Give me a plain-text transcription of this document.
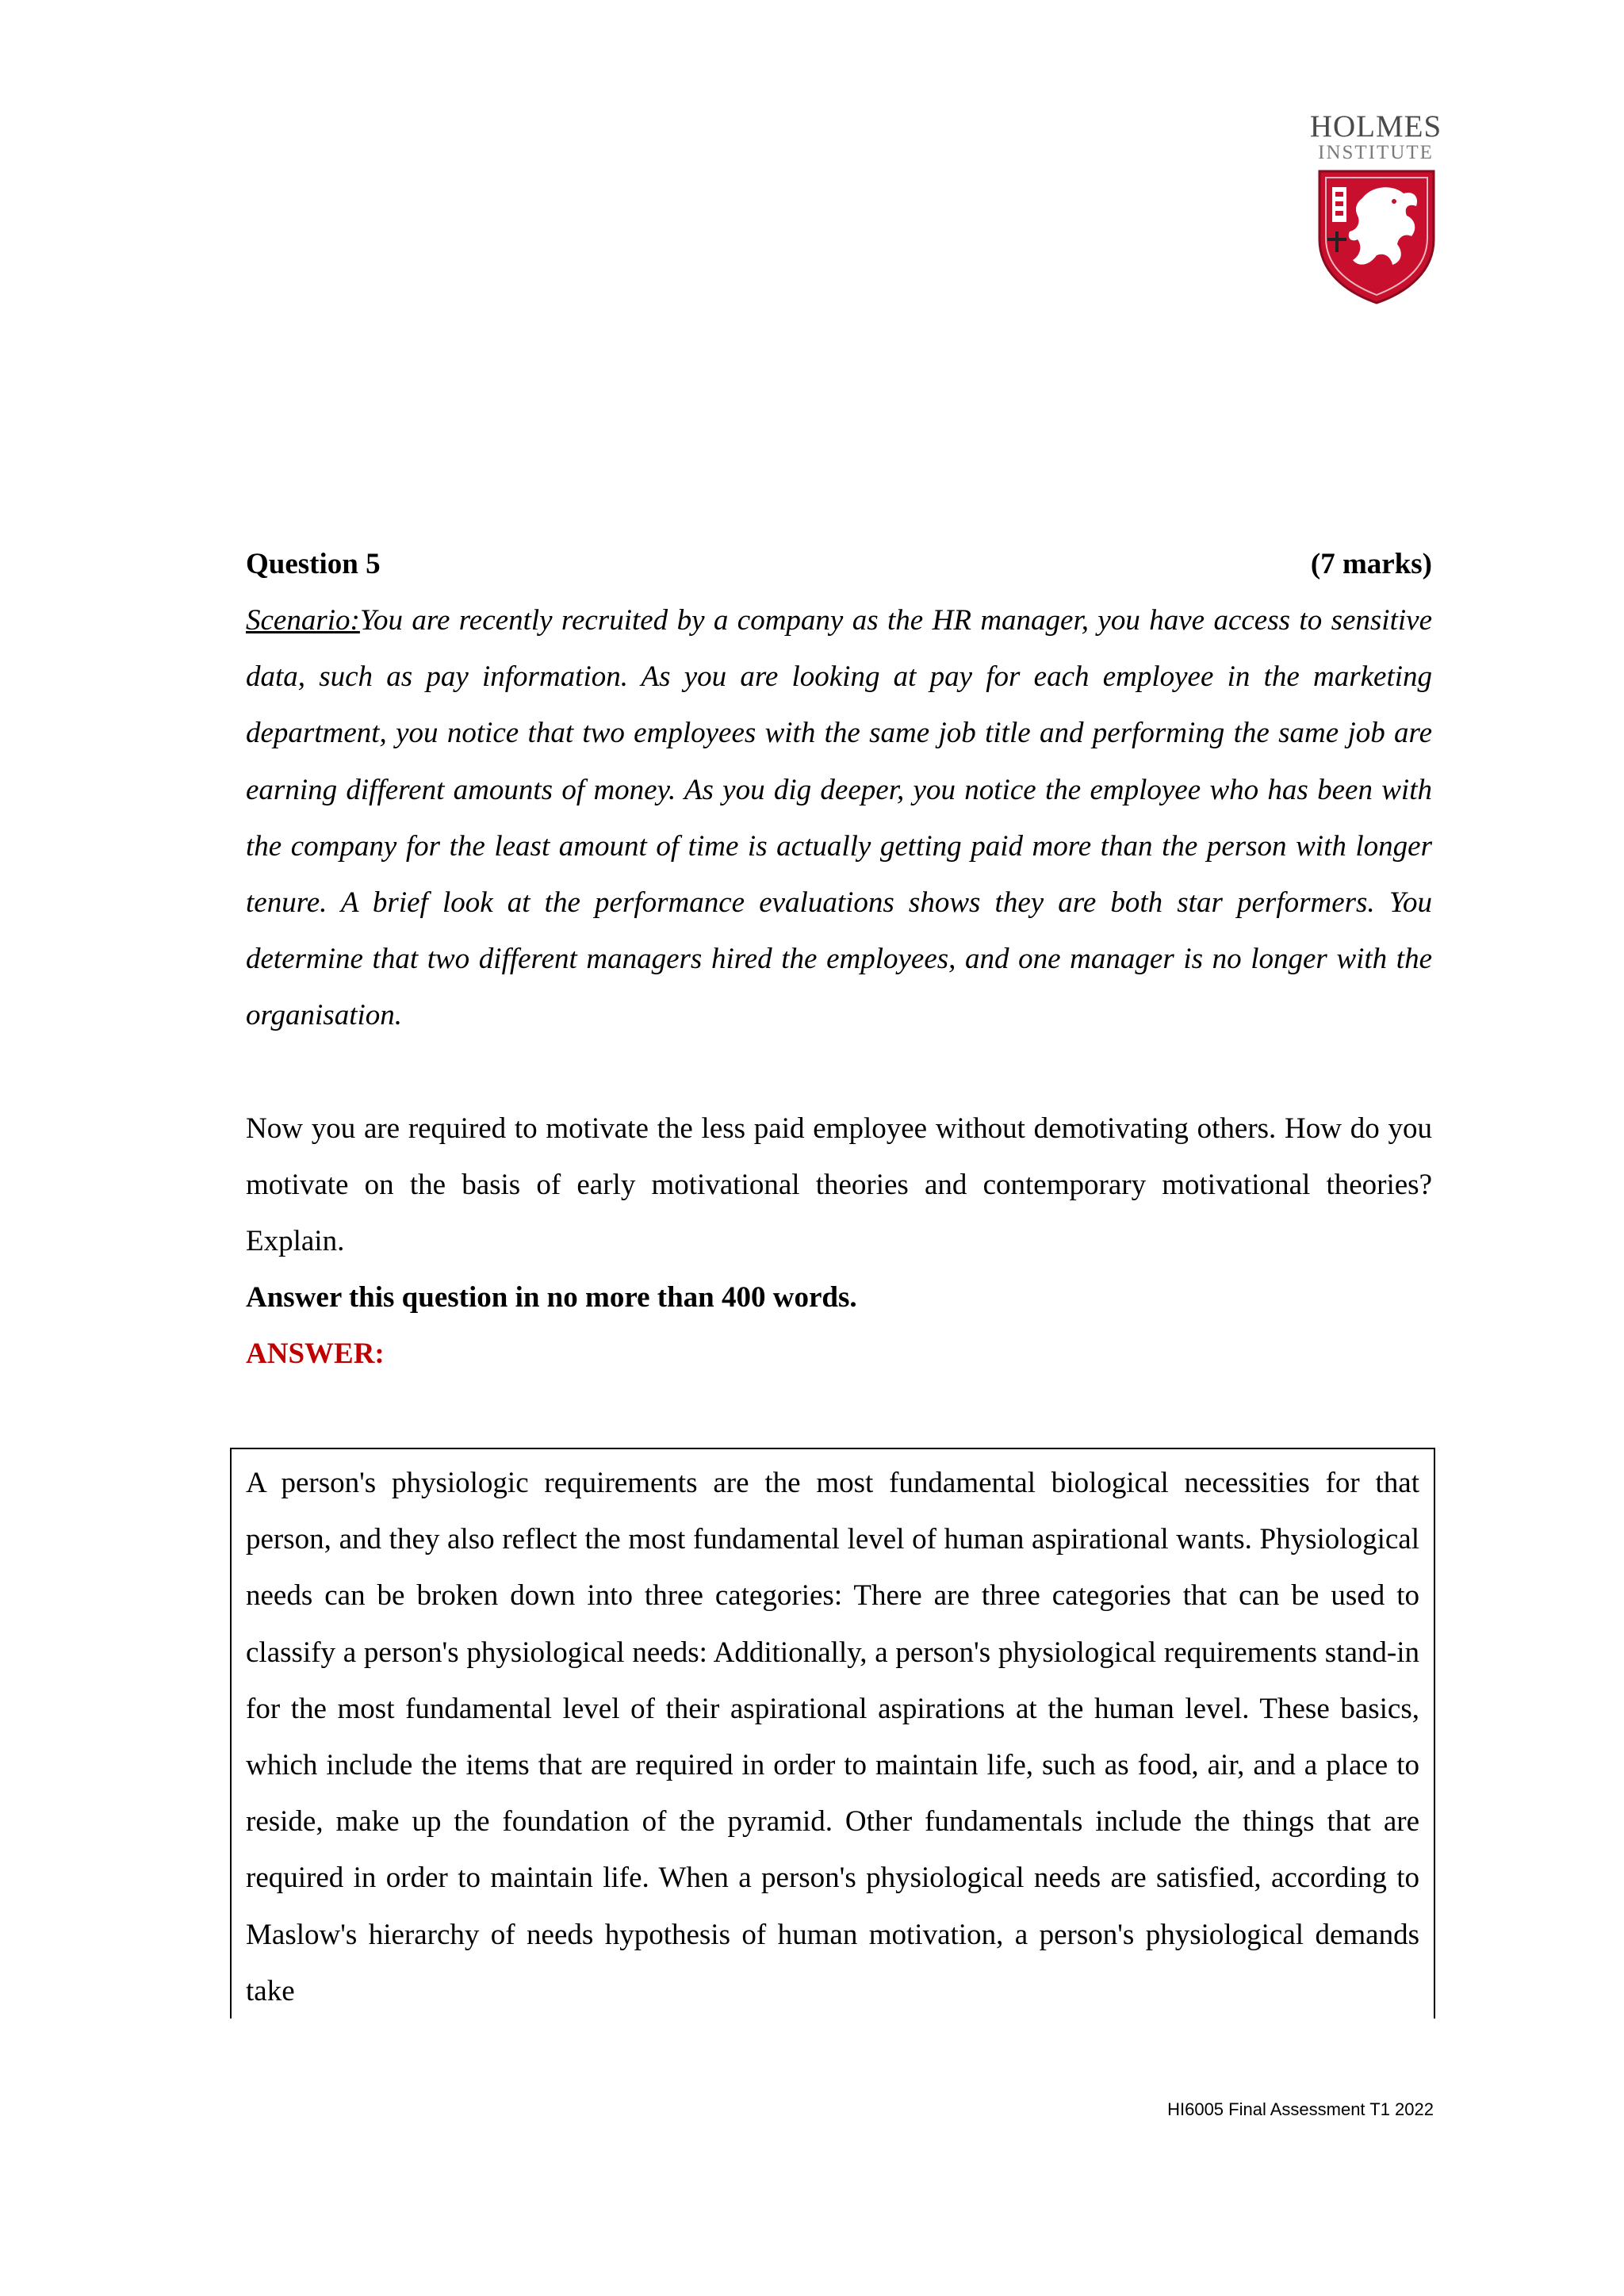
HOLMES
INSTITUTE
Question 5	(7 marks)

Scenario:You are recently recruited by a company as the HR manager, you have access to sensitive data, such as pay information. As you are looking at pay for each employee in the marketing department, you notice that two employees with the same job title and performing the same job are earning different amounts of money. As you dig deeper, you notice the employee who has been with the company for the least amount of time is actually getting paid more than the person with longer tenure. A brief look at the performance evaluations shows they are both star performers. You determine that two different managers hired the employees, and one manager is no longer with the organisation.

Now you are required to motivate the less paid employee without demotivating others. How do you motivate on the basis of early motivational theories and contemporary motivational theories? Explain.

Answer this question in no more than 400 words.
ANSWER:

A person's physiologic requirements are the most fundamental biological necessities for that person, and they also reflect the most fundamental level of human aspirational wants. Physiological needs can be broken down into three categories: There are three categories that can be used to classify a person's physiological needs: Additionally, a person's physiological requirements stand-in for the most fundamental level of their aspirational aspirations at the human level. These basics, which include the items that are required in order to maintain life, such as food, air, and a place to reside, make up the foundation of the pyramid. Other fundamentals include the things that are required in order to maintain life. When a person's physiological needs are satisfied, according to Maslow's hierarchy of needs hypothesis of human motivation, a person's physiological demands take

HI6005 Final Assessment T1 2022
